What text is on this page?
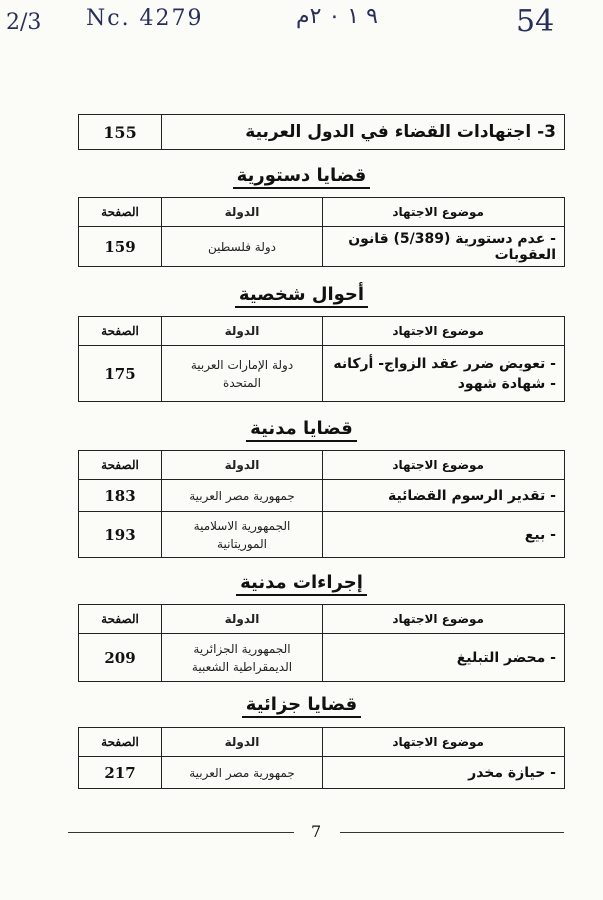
2/3 Nc. 4279	٩ ١ ٠ ٢م	54
3- اجتهادات القضاء في الدول العربية	155
قضايا دستورية
موضوع الاجتهاد	الدولة	الصفحة
- عدم دستورية (5/389) قانون العقوبات	دولة فلسطين	159
أحوال شخصية
موضوع الاجتهاد	الدولة	الصفحة
- تعويض ضرر عقد الزواج- أركانه - شهادة شهود	دولة الإمارات العربية المتحدة	175
قضايا مدنية
موضوع الاجتهاد	الدولة	الصفحة
- تقدير الرسوم القضائية	جمهورية مصر العربية	183
- بيع	الجمهورية الاسلامية الموريتانية	193
إجراءات مدنية
موضوع الاجتهاد	الدولة	الصفحة
- محضر التبليغ	الجمهورية الجزائرية الديمقراطية الشعبية	209
قضايا جزائية
موضوع الاجتهاد	الدولة	الصفحة
- حيازة مخدر	جمهورية مصر العربية	217
7
